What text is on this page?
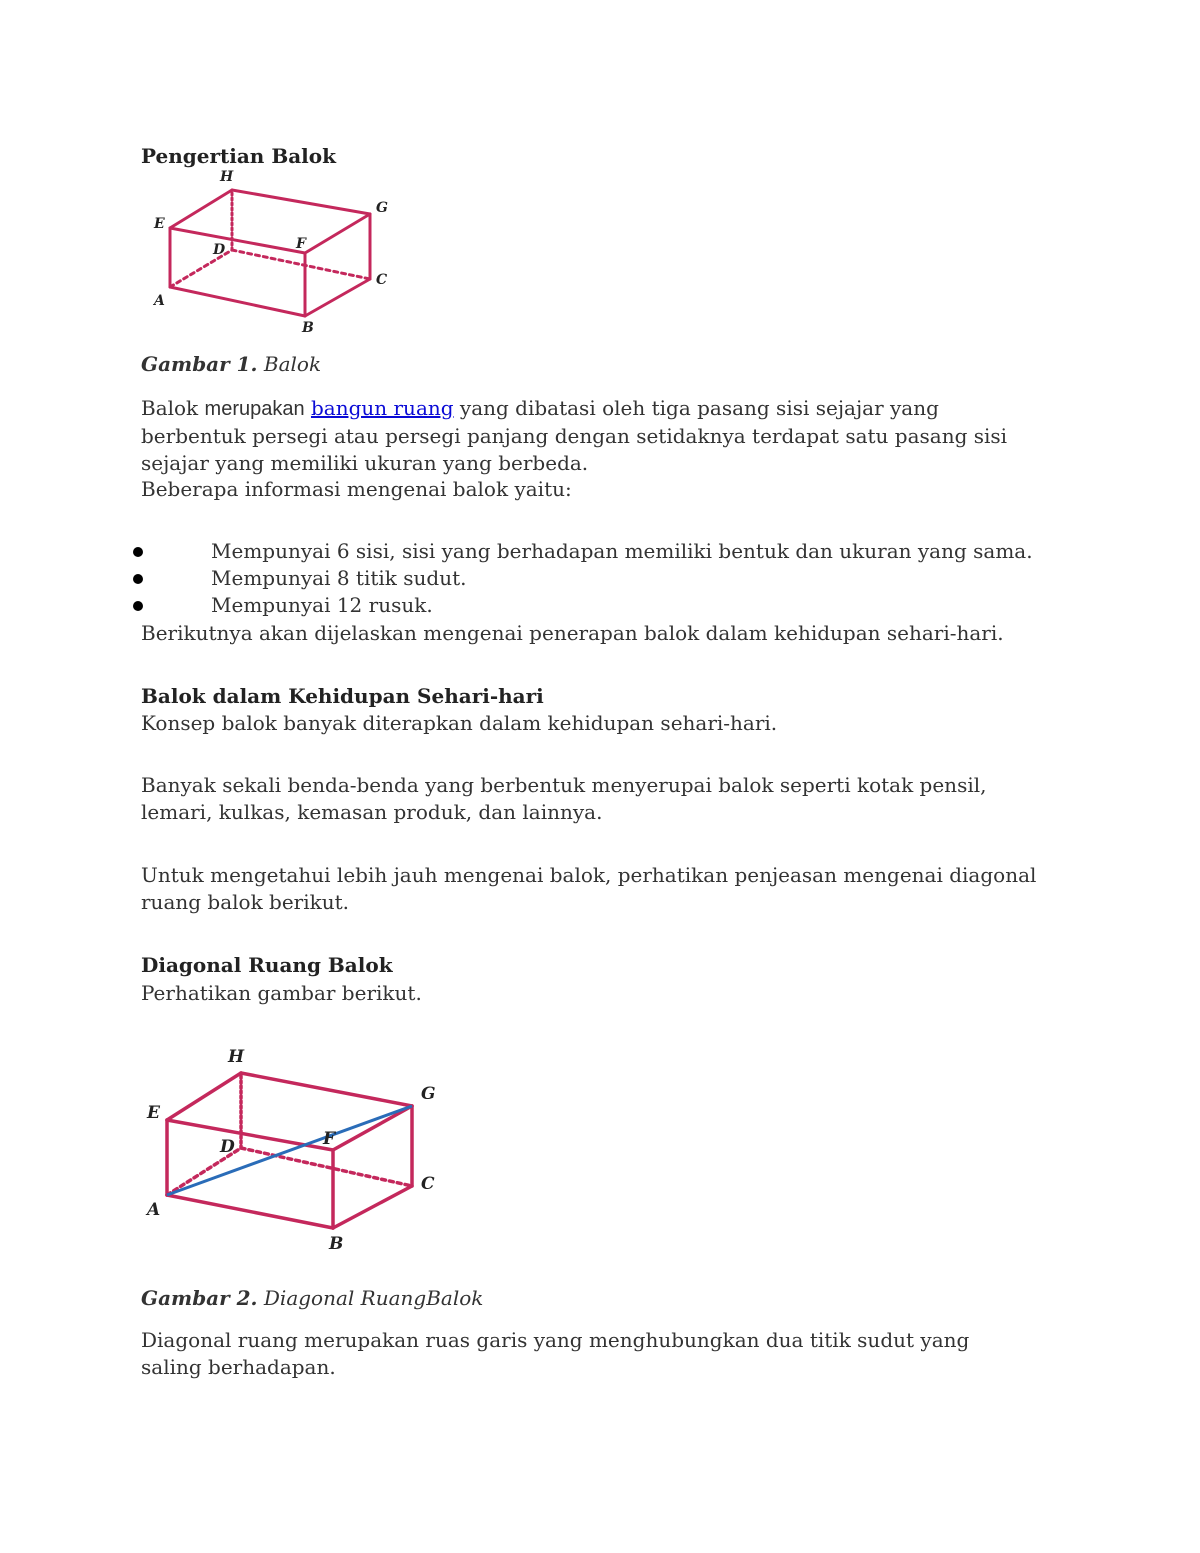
Pengertian Balok
H
G
E
D	F
C
A
B
Gambar 1. Balok
Balok merupakan bangun ruang yang dibatasi oleh tiga pasang sisi sejajar yang berbentuk persegi atau persegi panjang dengan setidaknya terdapat satu pasang sisi sejajar yang memiliki ukuran yang berbeda.
Beberapa informasi mengenai balok yaitu:
Mempunyai 6 sisi, sisi yang berhadapan memiliki bentuk dan ukuran yang sama.
Mempunyai 8 titik sudut.
Mempunyai 12 rusuk.
Berikutnya akan dijelaskan mengenai penerapan balok dalam kehidupan sehari-hari.
Balok dalam Kehidupan Sehari-hari
Konsep balok banyak diterapkan dalam kehidupan sehari-hari.
Banyak sekali benda-benda yang berbentuk menyerupai balok seperti kotak pensil, lemari, kulkas, kemasan produk, dan lainnya.
Untuk mengetahui lebih jauh mengenai balok, perhatikan penjeasan mengenai diagonal ruang balok berikut.
Diagonal Ruang Balok
Perhatikan gambar berikut.
H
G
E
D	F
C
A
B
Gambar 2. Diagonal RuangBalok
Diagonal ruang merupakan ruas garis yang menghubungkan dua titik sudut yang saling berhadapan.
